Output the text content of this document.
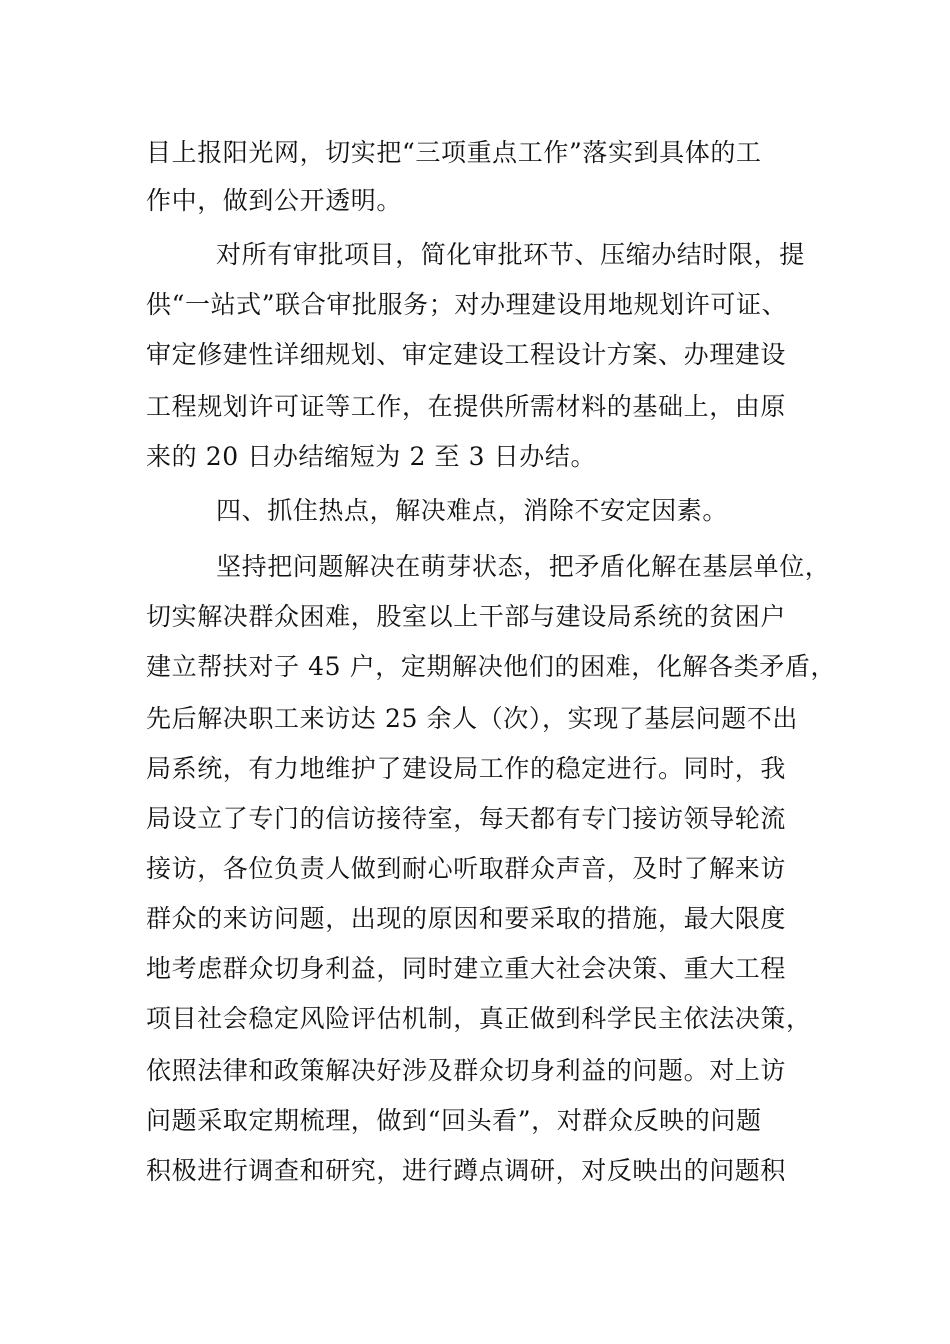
目上报阳光网，切实把“三项重点工作”落实到具体的工
作中，做到公开透明。
对所有审批项目，简化审批环节、压缩办结时限，提
供“一站式”联合审批服务；对办理建设用地规划许可证、
审定修建性详细规划、审定建设工程设计方案、办理建设
工程规划许可证等工作，在提供所需材料的基础上，由原
来的 20 日办结缩短为 2 至 3 日办结。
四、抓住热点，解决难点，消除不安定因素。
坚持把问题解决在萌芽状态，把矛盾化解在基层单位，
切实解决群众困难，股室以上干部与建设局系统的贫困户
建立帮扶对子 45 户，定期解决他们的困难，化解各类矛盾，
先后解决职工来访达 25 余人（次），实现了基层问题不出
局系统，有力地维护了建设局工作的稳定进行。同时，我
局设立了专门的信访接待室，每天都有专门接访领导轮流
接访，各位负责人做到耐心听取群众声音，及时了解来访
群众的来访问题，出现的原因和要采取的措施，最大限度
地考虑群众切身利益，同时建立重大社会决策、重大工程
项目社会稳定风险评估机制，真正做到科学民主依法决策，
依照法律和政策解决好涉及群众切身利益的问题。对上访
问题采取定期梳理，做到“回头看”，对群众反映的问题
积极进行调查和研究，进行蹲点调研，对反映出的问题积
